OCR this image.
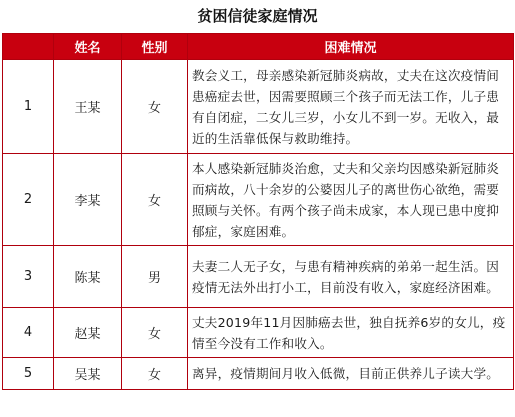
贫困信徒家庭情况
	姓名	性别	困难情况
1	王某	女	教会义工，母亲感染新冠肺炎病故，丈夫在这次疫情间患癌症去世，因需要照顾三个孩子而无法工作，儿子患有自闭症，二女儿三岁，小女儿不到一岁。无收入，最近的生活靠低保与救助维持。
2	李某	女	本人感染新冠肺炎治愈，丈夫和父亲均因感染新冠肺炎而病故，八十余岁的公婆因儿子的离世伤心欲绝，需要照顾与关怀。有两个孩子尚未成家，本人现已患中度抑郁症，家庭困难。
3	陈某	男	夫妻二人无子女，与患有精神疾病的弟弟一起生活。因疫情无法外出打小工，目前没有收入，家庭经济困难。
4	赵某	女	丈夫2019年11月因肺癌去世，独自抚养6岁的女儿，疫情至今没有工作和收入。
5	吴某	女	离异，疫情期间月收入低微，目前正供养儿子读大学。
